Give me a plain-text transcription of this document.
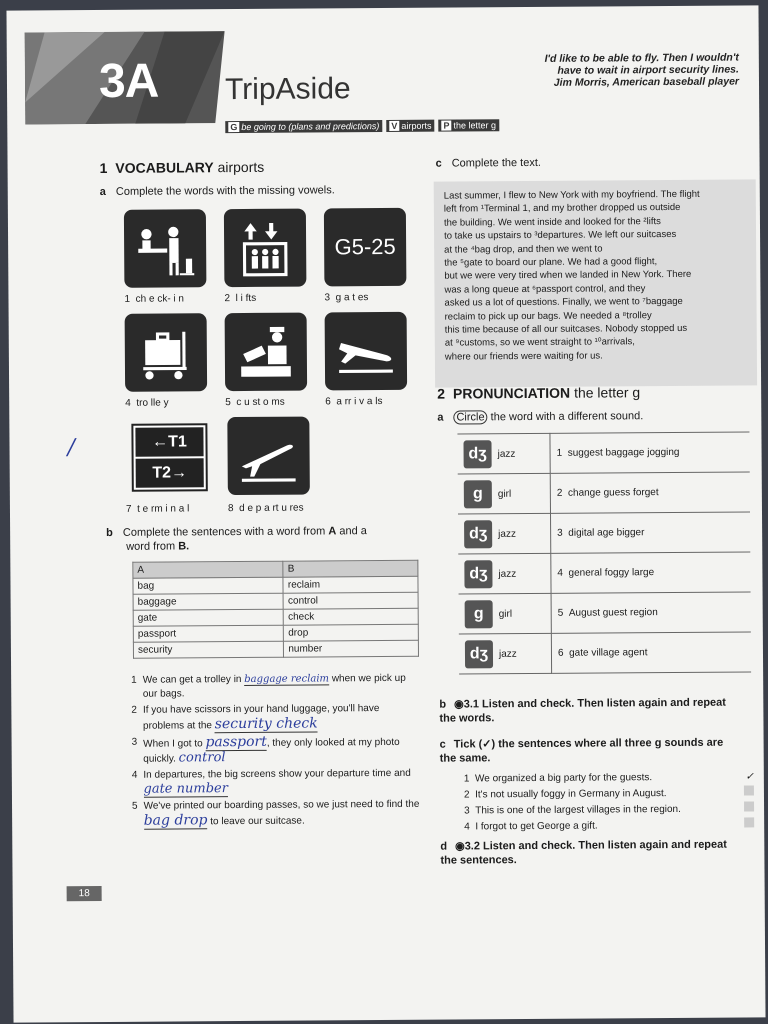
3A TripAside
I'd like to be able to fly. Then I wouldn't
have to wait in airport security lines.
Jim Morris, American baseball player
G be going to (plans and predictions)	V airports	P the letter g
1 VOCABULARY airports
a Complete the words with the missing vowels.
G5-25
1 ch e ck- i n	2 l i fts	3 g a t es
4 tro lle y	5 c u st o ms	6 a rr i v a ls
←T1
T2→
7 t e rm i n a l	8 d e p a rt u res
b Complete the sentences with a word from A and a
word from B.
A	B
bag	reclaim
baggage	control
gate	check
passport	drop
security	number
1 We can get a trolley in baggage reclaim when we pick up our bags.
2 If you have scissors in your hand luggage, you'll have problems at the security check
3 When I got to passport, they only looked at my photo quickly. control
4 In departures, the big screens show your departure time and gate number
5 We've printed our boarding passes, so we just need to find the bag drop to leave our suitcase.
/
18
c Complete the text.
Last summer, I flew to New York with my boyfriend. The flight
left from ¹Terminal 1, and my brother dropped us outside
the building. We went inside and looked for the ²lifts
to take us upstairs to ³departures. We left our suitcases
at the ⁴bag drop, and then we went to
the ⁵gate to board our plane. We had a good flight,
but we were very tired when we landed in New York. There
was a long queue at ⁶passport control, and they
asked us a lot of questions. Finally, we went to ⁷baggage
reclaim to pick up our bags. We needed a ⁸trolley
this time because of all our suitcases. Nobody stopped us
at ⁹customs, so we went straight to ¹⁰arrivals,
where our friends were waiting for us.
2 PRONUNCIATION the letter g
a Circle the word with a different sound.
dʒ jazz	1 suggest baggage jogging
g girl	2 change guess forget
dʒ jazz	3 digital age bigger
dʒ jazz	4 general foggy large
g girl	5 August guest region
dʒ jazz	6 gate village agent
b ◉3.1 Listen and check. Then listen again and repeat the words.
c Tick (✓) the sentences where all three g sounds are the same.
1 We organized a big party for the guests.	✓
2 It's not usually foggy in Germany in August.
3 This is one of the largest villages in the region.
4 I forgot to get George a gift.
d ◉3.2 Listen and check. Then listen again and repeat the sentences.
